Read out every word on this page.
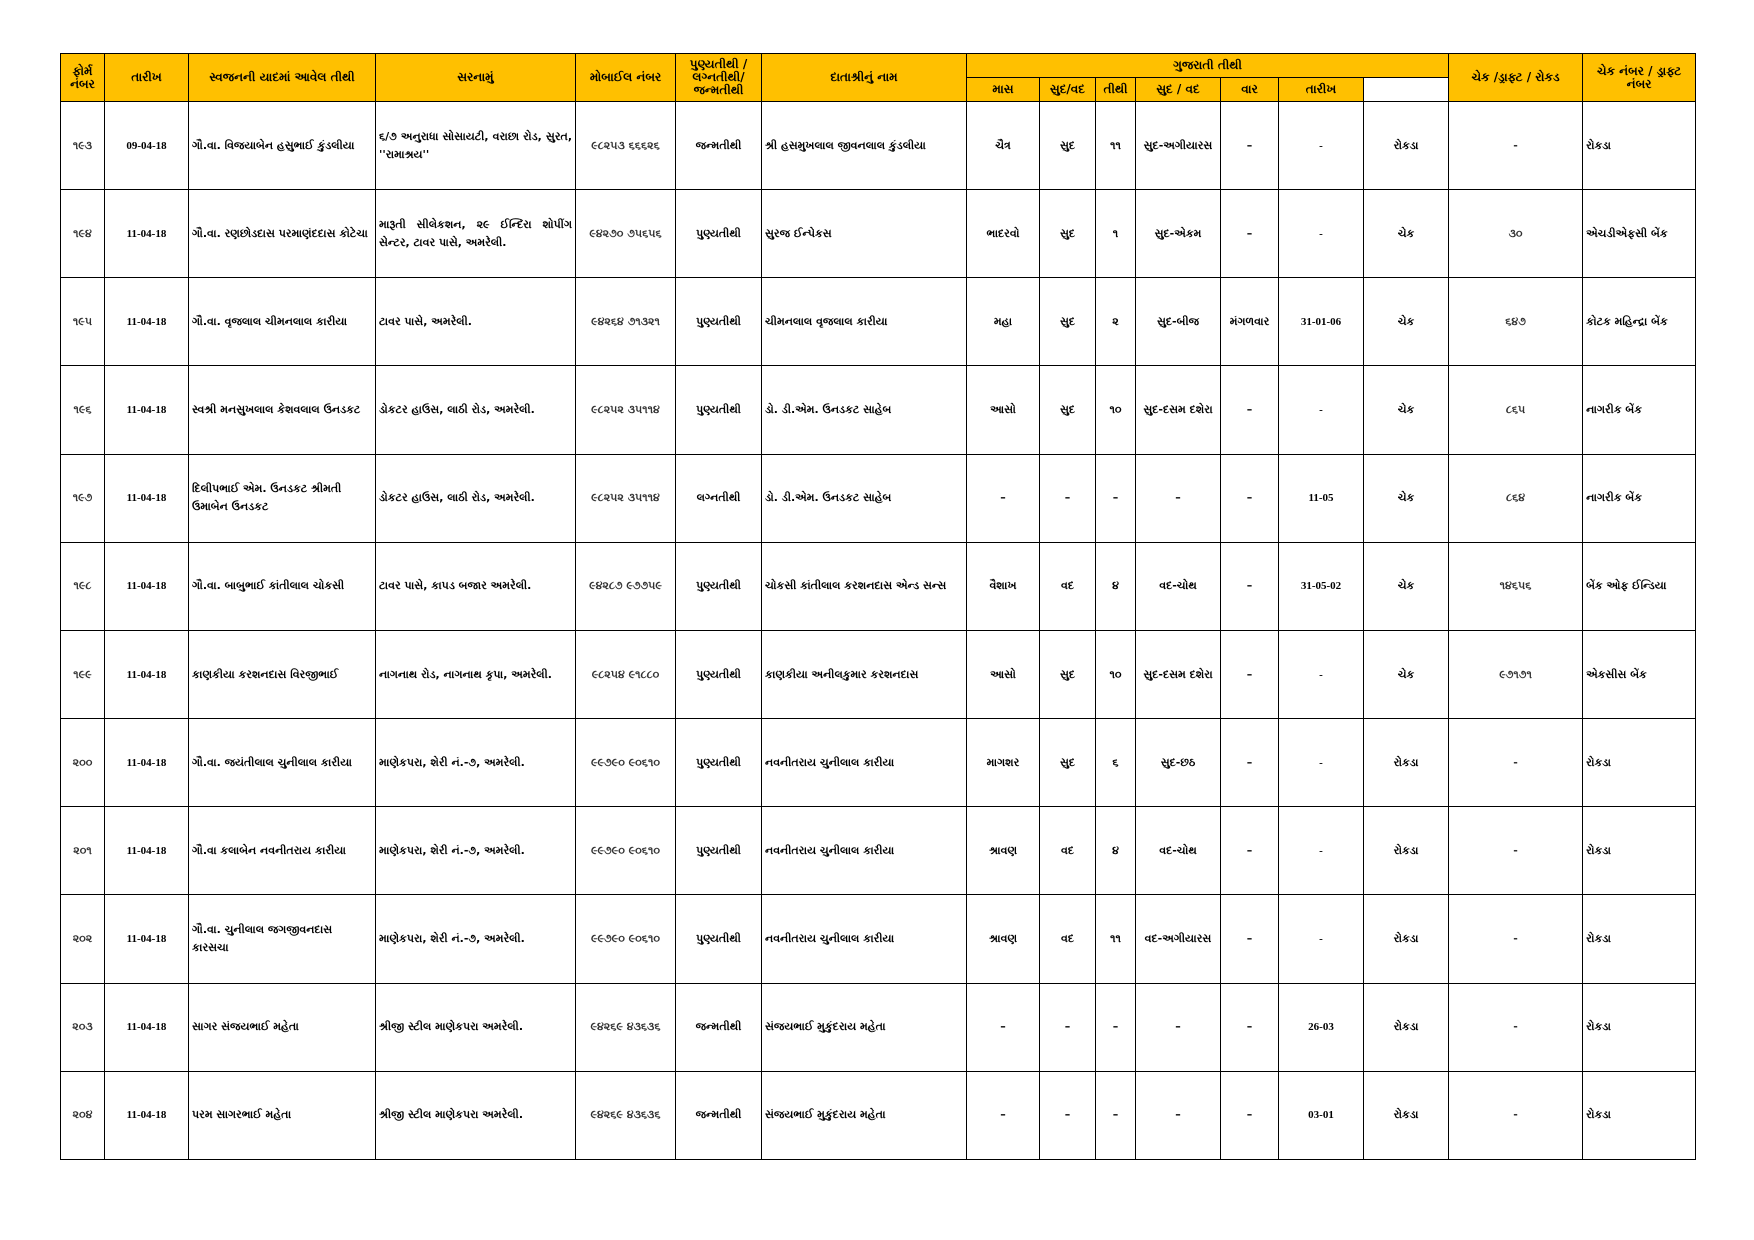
ફોર્મ નંબર	તારીખ	સ્વજનની યાદમાં આવેલ તીથી	સરનામું	મોબાઈલ નંબર	પુણ્યતીથી / લગ્નતીથી/ જન્મતીથી	દાતાશ્રીનું નામ	ગુજરાતી તીથી							ચેક /ડ્રાફ્ટ / રોકડ	ચેક નંબર / ડ્રાફ્ટ નંબર	
							માસ	સુદ/વદ	તીથી	સુદ / વદ	વાર	તારીખ				
૧૯૩	09-04-18	ગૌ.વા. વિજયાબેન હસુભાઈ કુંડલીયા	૬/૭ અનુરાધા સોસાયટી, વરાછા રોડ, સુરત, ''રામાશ્રય''	૯૮૨૫૩ ૬૬૬૨૬	જન્મતીથી	શ્રી હસમુખલાલ જીવનલાલ કુંડલીયા	ચૈત્ર	સુદ	૧૧	સુદ-અગીયારસ	–	-	રોકડા	-	રોકડા	
૧૯૪	11-04-18	ગૌ.વા. રણછોડદાસ પરમાણંદદાસ કોટેચા	મારૂતી સીલેકશન, ૨૯ ઈન્દિરા શોપીંગ સેન્ટર, ટાવર પાસે, અમરેલી.	૯૪૨૭૦ ૭૫૬૫૬	પુણ્યતીથી	સુરજ ઈન્પેકસ	ભાદરવો	સુદ	૧	સુદ-એકમ	–	-	ચેક	૩૦	એચડીએફસી બેંક	
૧૯૫	11-04-18	ગૌ.વા. વૃજલાલ ચીમનલાલ કારીયા	ટાવર પાસે, અમરેલી.	૯૪૨૬૪ ૭૧૩૨૧	પુણ્યતીથી	ચીમનલાલ વૃજલાલ કારીયા	મહા	સુદ	૨	સુદ-બીજ	મંગળવાર	31-01-06	ચેક	૬૪૭	કોટક મહિન્દ્રા બેંક	
૧૯૬	11-04-18	સ્વશ્રી મનસુખલાલ કેશવલાલ ઉનડકટ	ડોકટર હાઉસ, લાઠી રોડ, અમરેલી.	૯૮૨૫૨ ૩૫૧૧૪	પુણ્યતીથી	ડો. ડી.એમ. ઉનડકટ સાહેબ	આસો	સુદ	૧૦	સુદ-દસમ દશેરા	–	-	ચેક	૮૬૫	નાગરીક બેંક	
૧૯૭	11-04-18	દિલીપભાઈ એમ. ઉનડકટ શ્રીમતી ઉમાબેન ઉનડકટ	ડોકટર હાઉસ, લાઠી રોડ, અમરેલી.	૯૮૨૫૨ ૩૫૧૧૪	લગ્નતીથી	ડો. ડી.એમ. ઉનડકટ સાહેબ	–	–	–	–	–	11-05	ચેક	૮૬૪	નાગરીક બેંક	
૧૯૮	11-04-18	ગૌ.વા. બાબુભાઈ કાંતીલાલ ચોકસી	ટાવર પાસે, કાપડ બજાર અમરેલી.	૯૪૨૮૭ ૯૭૭૫૯	પુણ્યતીથી	ચોકસી કાંતીલાલ કરશનદાસ એન્ડ સન્સ	વૈશાખ	વદ	૪	વદ-ચોથ	–	31-05-02	ચેક	૧૪૬૫૬	બેંક ઓફ ઈન્ડિયા	
૧૯૯	11-04-18	કાણકીયા કરશનદાસ વિરજીભાઈ	નાગનાથ રોડ, નાગનાથ કૃપા, અમરેલી.	૯૮૨૫૪ ૯૧૮૮૦	પુણ્યતીથી	કાણકીયા અનીલકુમાર કરશનદાસ	આસો	સુદ	૧૦	સુદ-દસમ દશેરા	–	-	ચેક	૯૭૧૭૧	એકસીસ બેંક	
૨૦૦	11-04-18	ગૌ.વા. જયંતીલાલ ચુનીલાલ કારીયા	માણેકપરા, શેરી નં.-૭, અમરેલી.	૯૯૭૯૦ ૯૦૬૧૦	પુણ્યતીથી	નવનીતરાય ચુનીલાલ કારીયા	માગશર	સુદ	૬	સુદ-છઠ	–	-	રોકડા	-	રોકડા	
૨૦૧	11-04-18	ગૌ.વા કલાબેન નવનીતરાય કારીયા	માણેકપરા, શેરી નં.-૭, અમરેલી.	૯૯૭૯૦ ૯૦૬૧૦	પુણ્યતીથી	નવનીતરાય ચુનીલાલ કારીયા	શ્રાવણ	વદ	૪	વદ-ચોથ	–	-	રોકડા	-	રોકડા	
૨૦૨	11-04-18	ગૌ.વા. ચુનીલાલ જગજીવનદાસ કારસચા	માણેકપરા, શેરી નં.-૭, અમરેલી.	૯૯૭૯૦ ૯૦૬૧૦	પુણ્યતીથી	નવનીતરાય ચુનીલાલ કારીયા	શ્રાવણ	વદ	૧૧	વદ-અગીયારસ	–	-	રોકડા	-	રોકડા	
૨૦૩	11-04-18	સાગર સંજયભાઈ મહેતા	શ્રીજી સ્ટીલ માણેકપરા અમરેલી.	૯૪૨૬૯ ૪૩૬૩૬	જન્મતીથી	સંજયભાઈ મુકુંદરાય મહેતા	–	–	–	–	–	26-03	રોકડા	-	રોકડા	
૨૦૪	11-04-18	પરમ સાગરભાઈ મહેતા	શ્રીજી સ્ટીલ માણેકપરા અમરેલી.	૯૪૨૬૯ ૪૩૬૩૬	જન્મતીથી	સંજયભાઈ મુકુંદરાય મહેતા	–	–	–	–	–	03-01	રોકડા	-	રોકડા	
